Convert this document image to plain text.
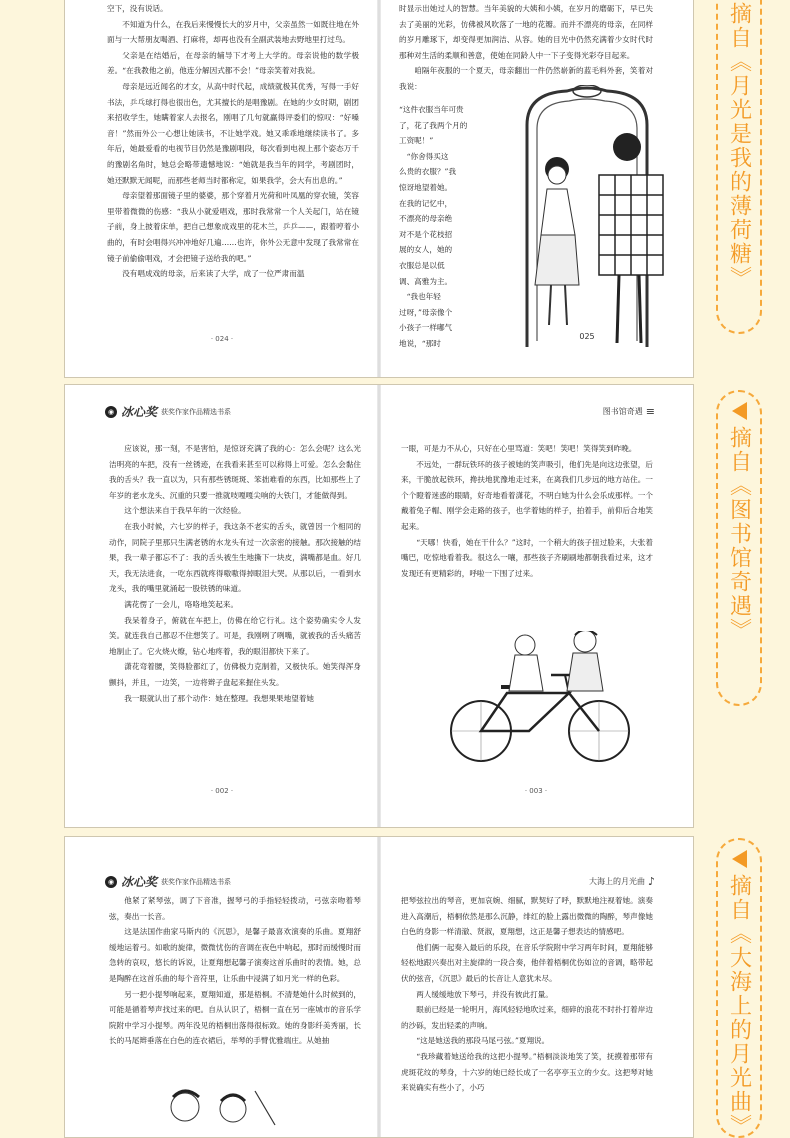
空下，没有说话。

不知道为什么，在我后来慢慢长大的岁月中，父亲虽然一如既往地在外面与一大帮朋友喝酒、打麻将，却再也没有全副武装地去野地里打过鸟。

父亲是在结婚后，在母亲的辅导下才考上大学的。母亲说他的数学极差。“在我教他之前，他连分解因式都不会！”母亲笑着对我说。

母亲是远近闻名的才女，从高中时代起，成绩就极其优秀，写得一手好书法，乒乓球打得也很出色，尤其擅长的是唱豫剧。在她的少女时期，剧团来招收学生，她瞒着家人去报名，刚唱了几句就赢得评委们的惊叹：“好嗓音！”然而外公一心想让她读书，不让她学戏。她又乖乖地继续读书了。多年后，她最爱看的电视节目仍然是豫剧唱段，每次看到电视上那个姿态万千的豫剧名角时，她总会略带遗憾地说：“她就是我当年的同学，考剧团时，她还默默无闻呢，而那些老师当时都称定，如果我学，会大有出息的。”

母亲望着那面镜子里的婆婆，那个穿着月光荷和叶凤凰的穿衣镜，笑容里带着微微的伤感：“我从小就爱唱戏，那时我常常一个人关起门，站在镜子前，身上披着床单，把自己想象成戏里的花木兰，乒乒——，跟着哼着小曲的，有时会唱得兴冲冲地好几遍……也许，你外公无意中发现了我常常在镜子前偷偷唱戏，才会把镜子送给我的吧。”

没有唱成戏的母亲，后来读了大学，成了一位严肃而温

· 024 ·

时显示出她过人的智慧。当年美貌的大姨和小姨，在岁月的磨砺下，早已失去了美丽的光彩，仿佛被风吹落了一地的花瓣。而并不漂亮的母亲，在同样的岁月雕琢下，却变得更加润洁、从容。她的目光中仍然充满着少女时代时那种对生活的柔顺和善意，使她在同龄人中一下子变得光彩夺目起来。

咱隔年夜服的一个夏天，母亲翻出一件仍然崭新的蓝毛料外套，笑着对我说：

“这件衣服当年可贵

了，花了我两个月的

工资呢！”

“你舍得买这

么贵的衣服？”我

惊讶地望着她。

在我的记忆中，

不漂亮的母亲绝

对不是个花枝招

展的女人，她的

衣服总是以低

调、高雅为主。

“我也年轻

过呀，”母亲像个

小孩子一样嘟气

地说，“那时

025
◉ 冰心奖 获奖作家作品精选书系

应该说，那一刻，不是害怕，是惊讶充满了我的心：怎么会呢？这么光洁明亮的车把，没有一丝锈迹，在我看来甚至可以称得上可爱。怎么会黏住我的舌头？我一直以为，只有那些锈斑斑、笨拙难看的东西，比如那些上了年岁的老水龙头、沉重的只要一推就吱嘎嘎尖响的大铁门，才能做得到。

这个想法来自于我早年的一次经验。

在我小时候，六七岁的样子，我这条不老实的舌头，就曾因一个相同的动作，同院子里那只生满老锈的水龙头有过一次亲密的接触。那次接触的结果，我一辈子都忘不了：我的舌头被生生地撕下一块皮，满嘴都是血。好几天，我无法进食，一吃东西就疼得嗷嗷得掉眼泪大哭。从那以后，一看到水龙头，我的嘴里就涌起一股铁锈的味道。

满花愣了一会儿，咯咯地笑起来。

我呆着身子，俯就在车把上，仿佛在给它行礼。这个姿势确实令人发笑。就连我自己都忍不住想笑了。可是，我刚咧了咧嘴，就被我的舌头痛苦地制止了。它火烧火燎，钻心地疼着，我的眼泪都快下来了。

潇花弯着腰，笑得脸都红了，仿佛极力克制着，又极快乐。她笑得浑身颤抖，并且，一边笑，一边将辫子盘起来握住头发。

我一眼就认出了那个动作：她在整理。我想果果地望着她

· 002 ·
图书馆奇遇 ≡

一眼，可是力不从心，只好在心里骂道：笑吧！笑吧！笑得笑到昨晚。

不远处，一群玩铁环的孩子被她的笑声吸引，他们先是向这边张望，后来，干脆放起铁环，搀扶地犹豫地走过来，在离我们几步远的地方站住。一个个瞪着迷惑的眼睛，好奇地看着潇花，不明白她为什么会乐成那样。一个戴着兔子帽、刚学会走路的孩子，也学着她的样子，拍着手，前仰后合地笑起来。

“天哪！快看，她在干什么？”这时，一个稍大的孩子扭过脸来，大张着嘴巴，吃惊地看着我。很这么一嚷，那些孩子齐刷刷地都朝我看过来，这才发现还有更精彩的，呼啦一下围了过来。

· 003 ·
◉ 冰心奖 获奖作家作品精选书系

他紧了紧琴弦，调了下音准，握琴弓的手指轻轻拨动，弓弦亲吻着琴弦，奏出一长音。

这是法国作曲家马斯内的《沉思》，是馨子最喜欢演奏的乐曲。夏翔舒缓地运着弓。如歌的旋律，微微忧伤的音调在夜色中响起，那时而缓慢时而急转的哀叹，悠长的诉说，让夏翔想起馨子演奏这首乐曲时的表情。她，总是陶醉在这首乐曲的每个音符里，让乐曲中浸满了如月光一样的色彩。

另一把小提琴响起来，夏翔知道，那是梧桐。不清楚她什么时候到的，可能是循着琴声找过来的吧。自从认识了，梧桐一直在另一座城市的音乐学院附中学习小提琴。两年没见的梧桐出落得很标致。她的身影纤美秀丽，长长的马尾辫垂落在白色的连衣裙后，举琴的手臂优雅端庄。从她抽

大海上的月光曲 ♪

把琴弦拉出的琴音，更加哀婉、细腻，默契好了呼，默默地注视着她。演奏进入高潮后，梧桐依然是那么沉静，绯红的脸上露出微微的陶醉，琴声像她白色的身影一样清澈、贤淑，夏翔想，这正是馨子想表达的情感吧。

他们俩一起奏入最后的乐段，在音乐学院附中学习两年时间，夏翔能够轻松地跟兴奏出对主旋律的一段合奏，他伴着梧桐优伤如泣的音调，略带起伏的弦音，《沉思》最后的长音让人意犹未尽。

两人缓缓地放下琴弓，并没有彼此打量。

眼前已经是一轮明月，海风轻轻地吹过来，细碎的浪花不时扑打着岸边的沙砾，发出轻柔的声响。

“这是她送我的那段马尾弓弦。”夏翔说。

“我珍藏着她送给我的这把小提琴。”梧桐淡淡地笑了笑，抚摸着那带有虎斑花纹的琴身，十六岁的她已经长成了一名亭亭玉立的少女。这把琴对她来说确实有些小了，小巧

摘自《月光是我的薄荷糖》
摘自《图书馆奇遇》
摘自《大海上的月光曲》
